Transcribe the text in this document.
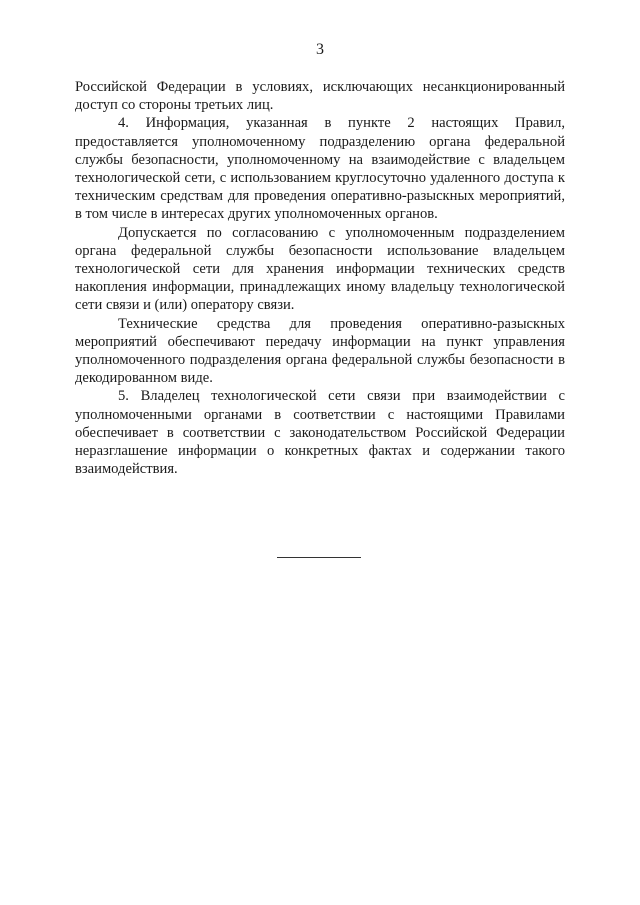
3

Российской Федерации в условиях, исключающих несанкционированный доступ со стороны третьих лиц.

4. Информация, указанная в пункте 2 настоящих Правил, предоставляется уполномоченному подразделению органа федеральной службы безопасности, уполномоченному на взаимодействие с владельцем технологической сети, с использованием круглосуточно удаленного доступа к техническим средствам для проведения оперативно-разыскных мероприятий, в том числе в интересах других уполномоченных органов.

Допускается по согласованию с уполномоченным подразделением органа федеральной службы безопасности использование владельцем технологической сети для хранения информации технических средств накопления информации, принадлежащих иному владельцу технологической сети связи и (или) оператору связи.

Технические средства для проведения оперативно-разыскных мероприятий обеспечивают передачу информации на пункт управления уполномоченного подразделения органа федеральной службы безопасности в декодированном виде.

5. Владелец технологической сети связи при взаимодействии с уполномоченными органами в соответствии с настоящими Правилами обеспечивает в соответствии с законодательством Российской Федерации неразглашение информации о конкретных фактах и содержании такого взаимодействия.
